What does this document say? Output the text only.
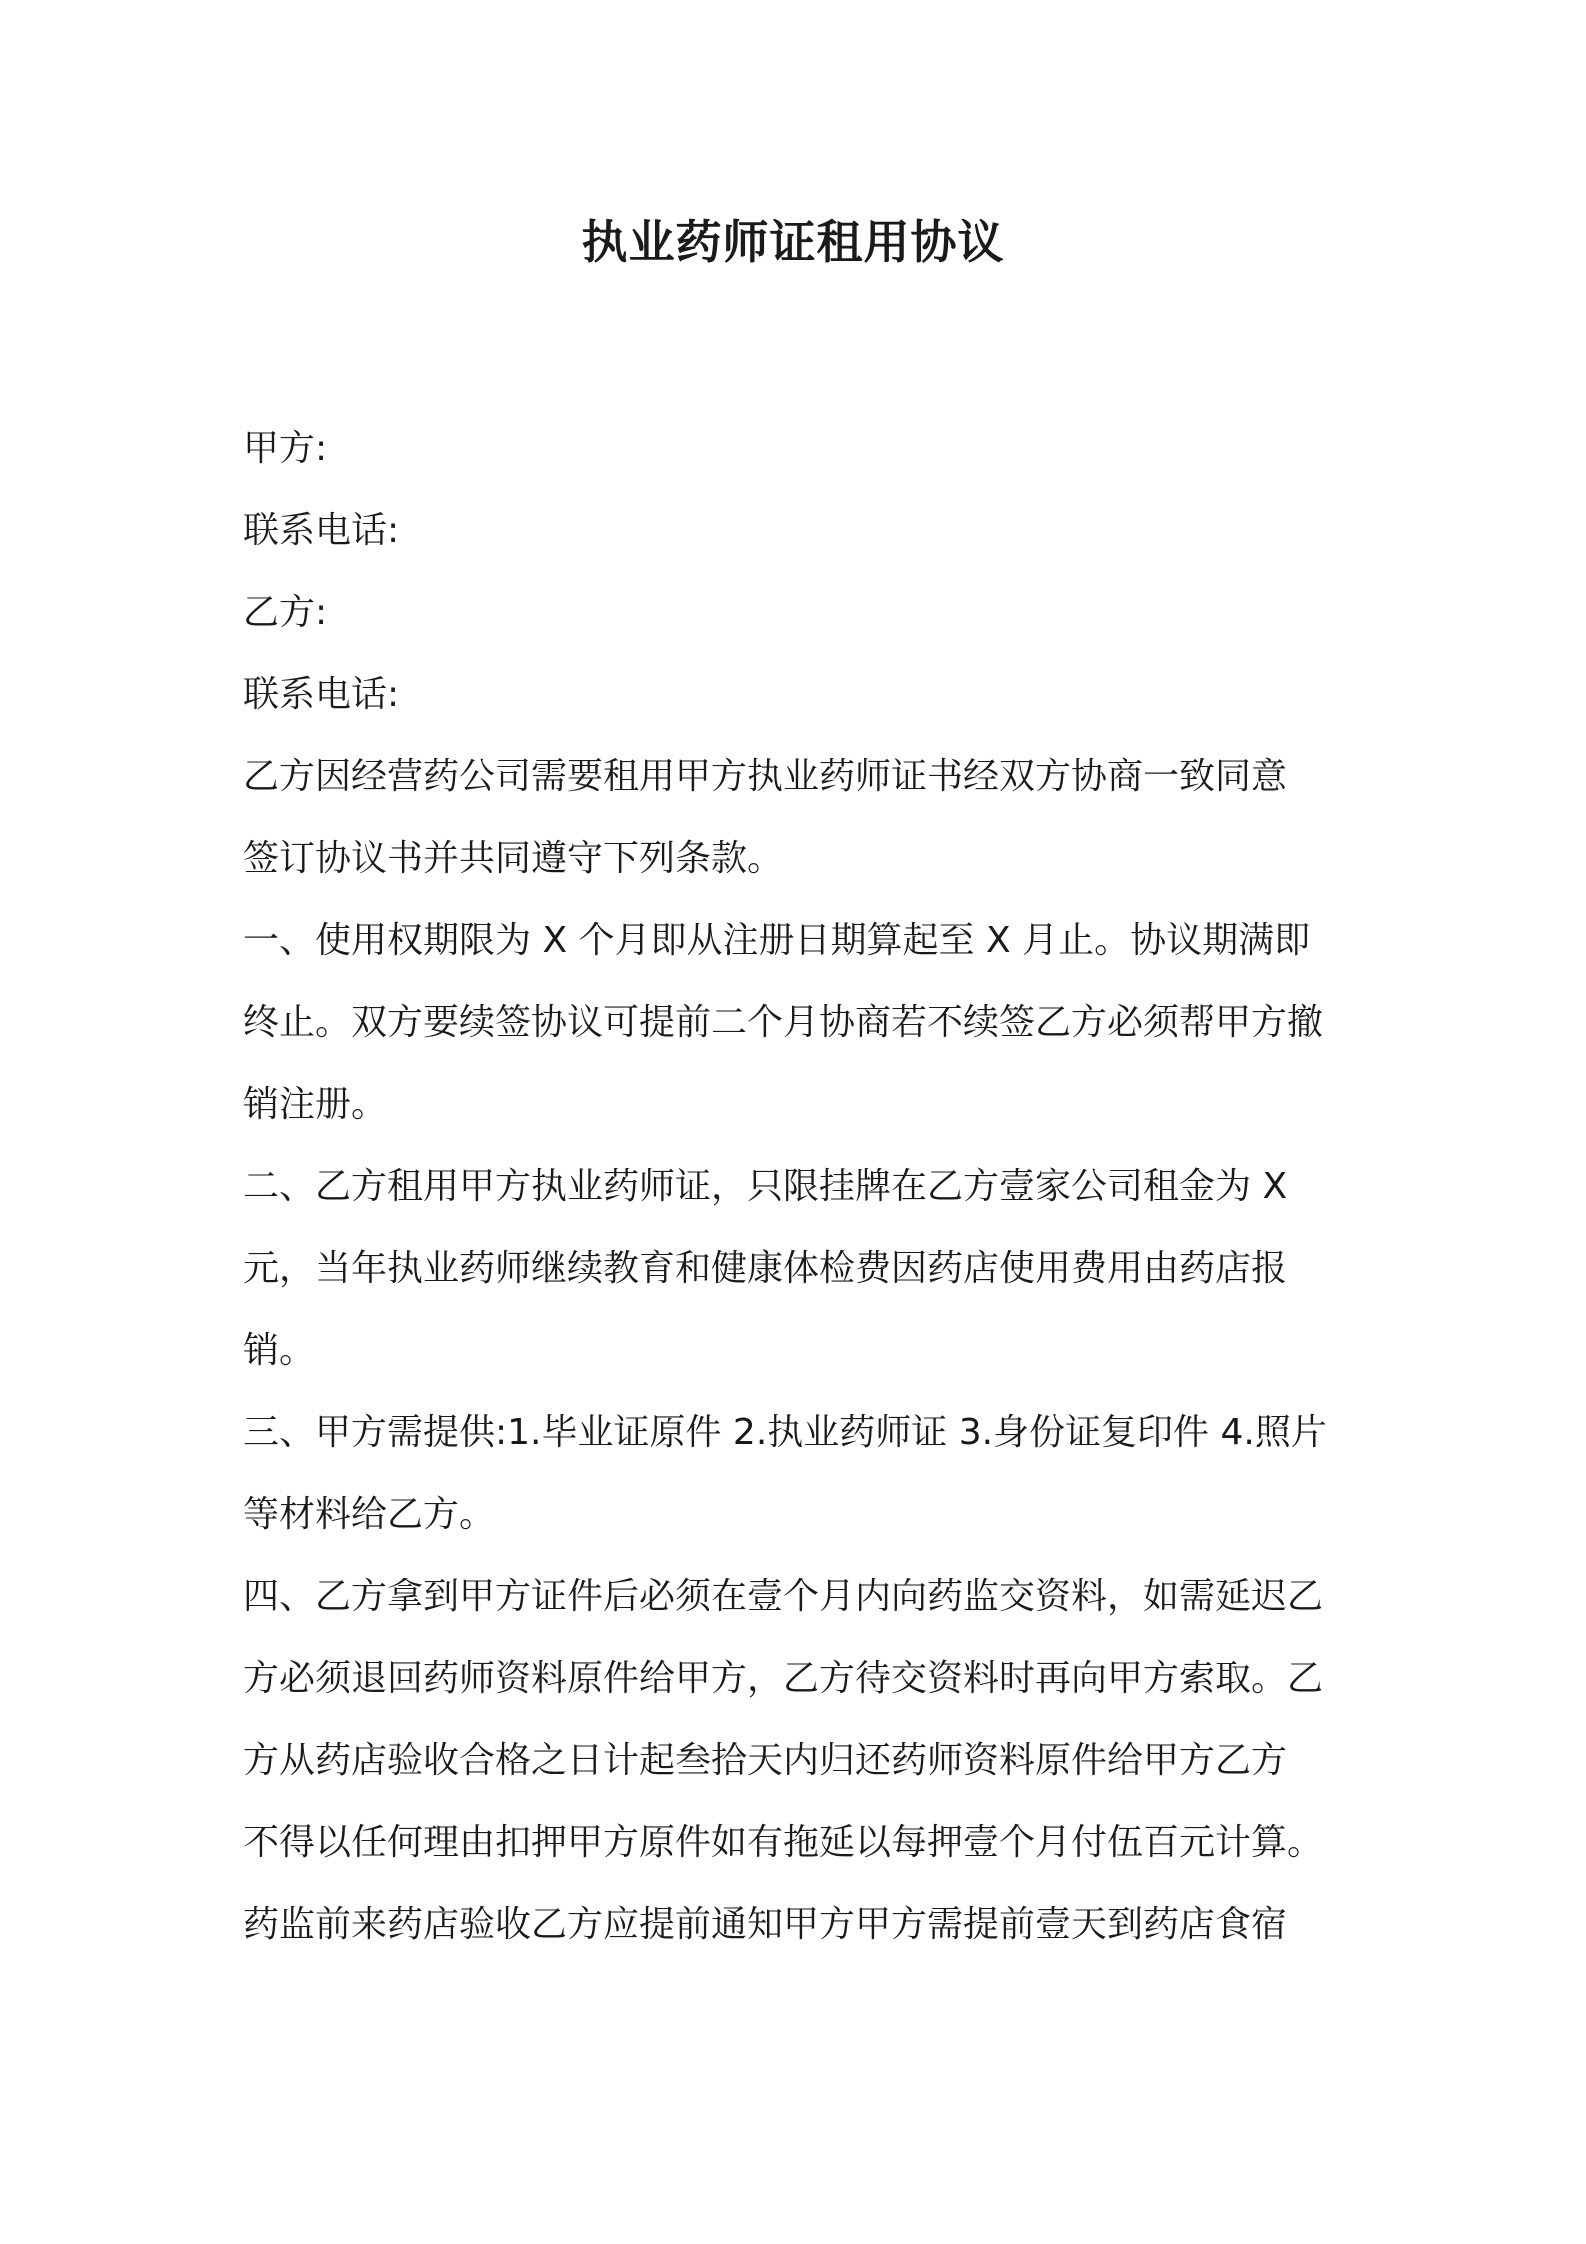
执业药师证租用协议
甲方:
联系电话:
乙方:
联系电话:
乙方因经营药公司需要租用甲方执业药师证书经双方协商一致同意
签订协议书并共同遵守下列条款。
一、使用权期限为 X 个月即从注册日期算起至 X 月止。协议期满即
终止。双方要续签协议可提前二个月协商若不续签乙方必须帮甲方撤
销注册。
二、乙方租用甲方执业药师证，只限挂牌在乙方壹家公司租金为 X
元，当年执业药师继续教育和健康体检费因药店使用费用由药店报
销。
三、甲方需提供:1.毕业证原件 2.执业药师证 3.身份证复印件 4.照片
等材料给乙方。
四、乙方拿到甲方证件后必须在壹个月内向药监交资料，如需延迟乙
方必须退回药师资料原件给甲方，乙方待交资料时再向甲方索取。乙
方从药店验收合格之日计起叁拾天内归还药师资料原件给甲方乙方
不得以任何理由扣押甲方原件如有拖延以每押壹个月付伍百元计算。
药监前来药店验收乙方应提前通知甲方甲方需提前壹天到药店食宿
